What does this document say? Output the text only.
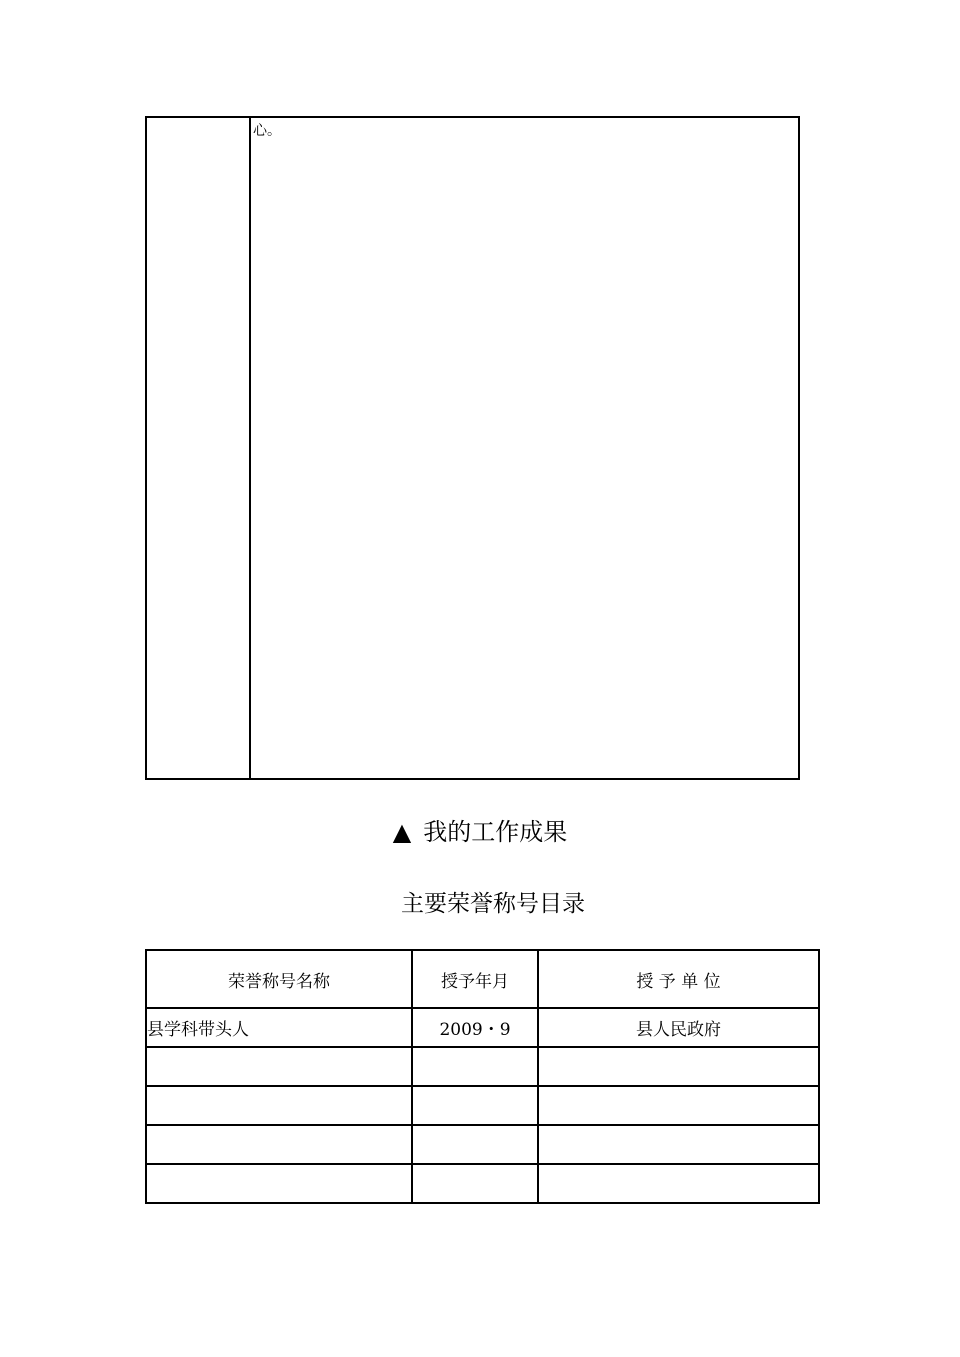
心。
▲ 我的工作成果
主要荣誉称号目录
荣誉称号名称	授予年月	授 予 单 位
县学科带头人	2009・9	县人民政府
